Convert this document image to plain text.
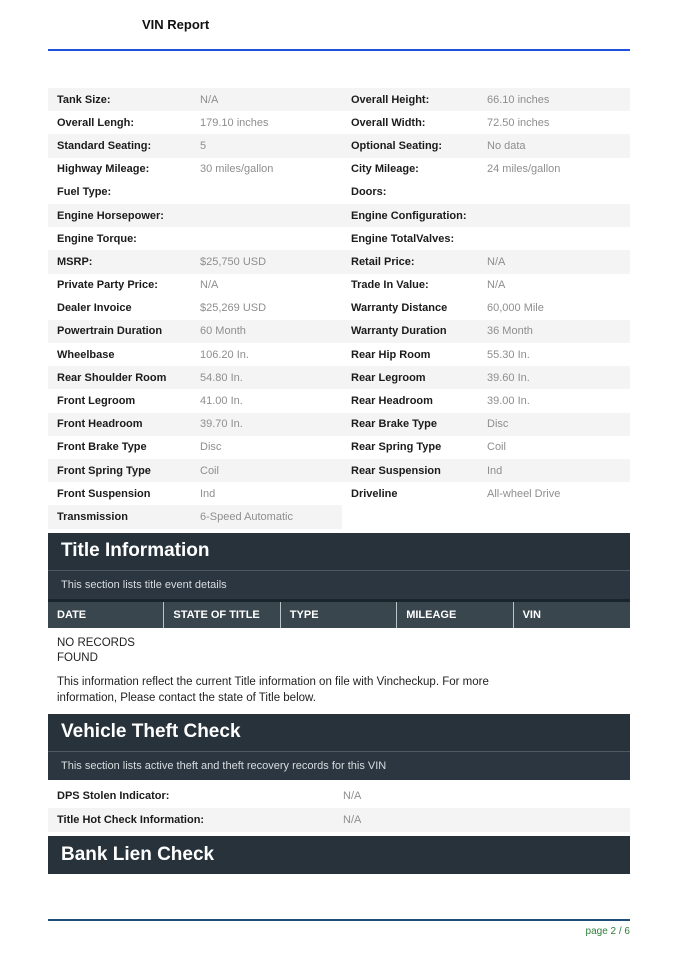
VIN Report
Tank Size:	N/A	Overall Height:	66.10 inches
Overall Lengh:	179.10 inches	Overall Width:	72.50 inches
Standard Seating:	5	Optional Seating:	No data
Highway Mileage:	30 miles/gallon	City Mileage:	24 miles/gallon
Fuel Type:	Doors:
Engine Horsepower:	Engine Configuration:
Engine Torque:	Engine TotalValves:
MSRP:	$25,750 USD	Retail Price:	N/A
Private Party Price:	N/A	Trade In Value:	N/A
Dealer Invoice	$25,269 USD	Warranty Distance	60,000 Mile
Powertrain Duration	60 Month	Warranty Duration	36 Month
Wheelbase	106.20 In.	Rear Hip Room	55.30 In.
Rear Shoulder Room	54.80 In.	Rear Legroom	39.60 In.
Front Legroom	41.00 In.	Rear Headroom	39.00 In.
Front Headroom	39.70 In.	Rear Brake Type	Disc
Front Brake Type	Disc	Rear Spring Type	Coil
Front Spring Type	Coil	Rear Suspension	Ind
Front Suspension	Ind	Driveline	All-wheel Drive
Transmission	6-Speed Automatic
Title Information
This section lists title event details
DATE	STATE OF TITLE	TYPE	MILEAGE	VIN
NO RECORDS
FOUND

This information reflect the current Title information on file with Vincheckup. For more information, Please contact the state of Title below.

Vehicle Theft Check
This section lists active theft and theft recovery records for this VIN
DPS Stolen Indicator:	N/A
Title Hot Check Information:	N/A
Bank Lien Check
page 2 / 6
